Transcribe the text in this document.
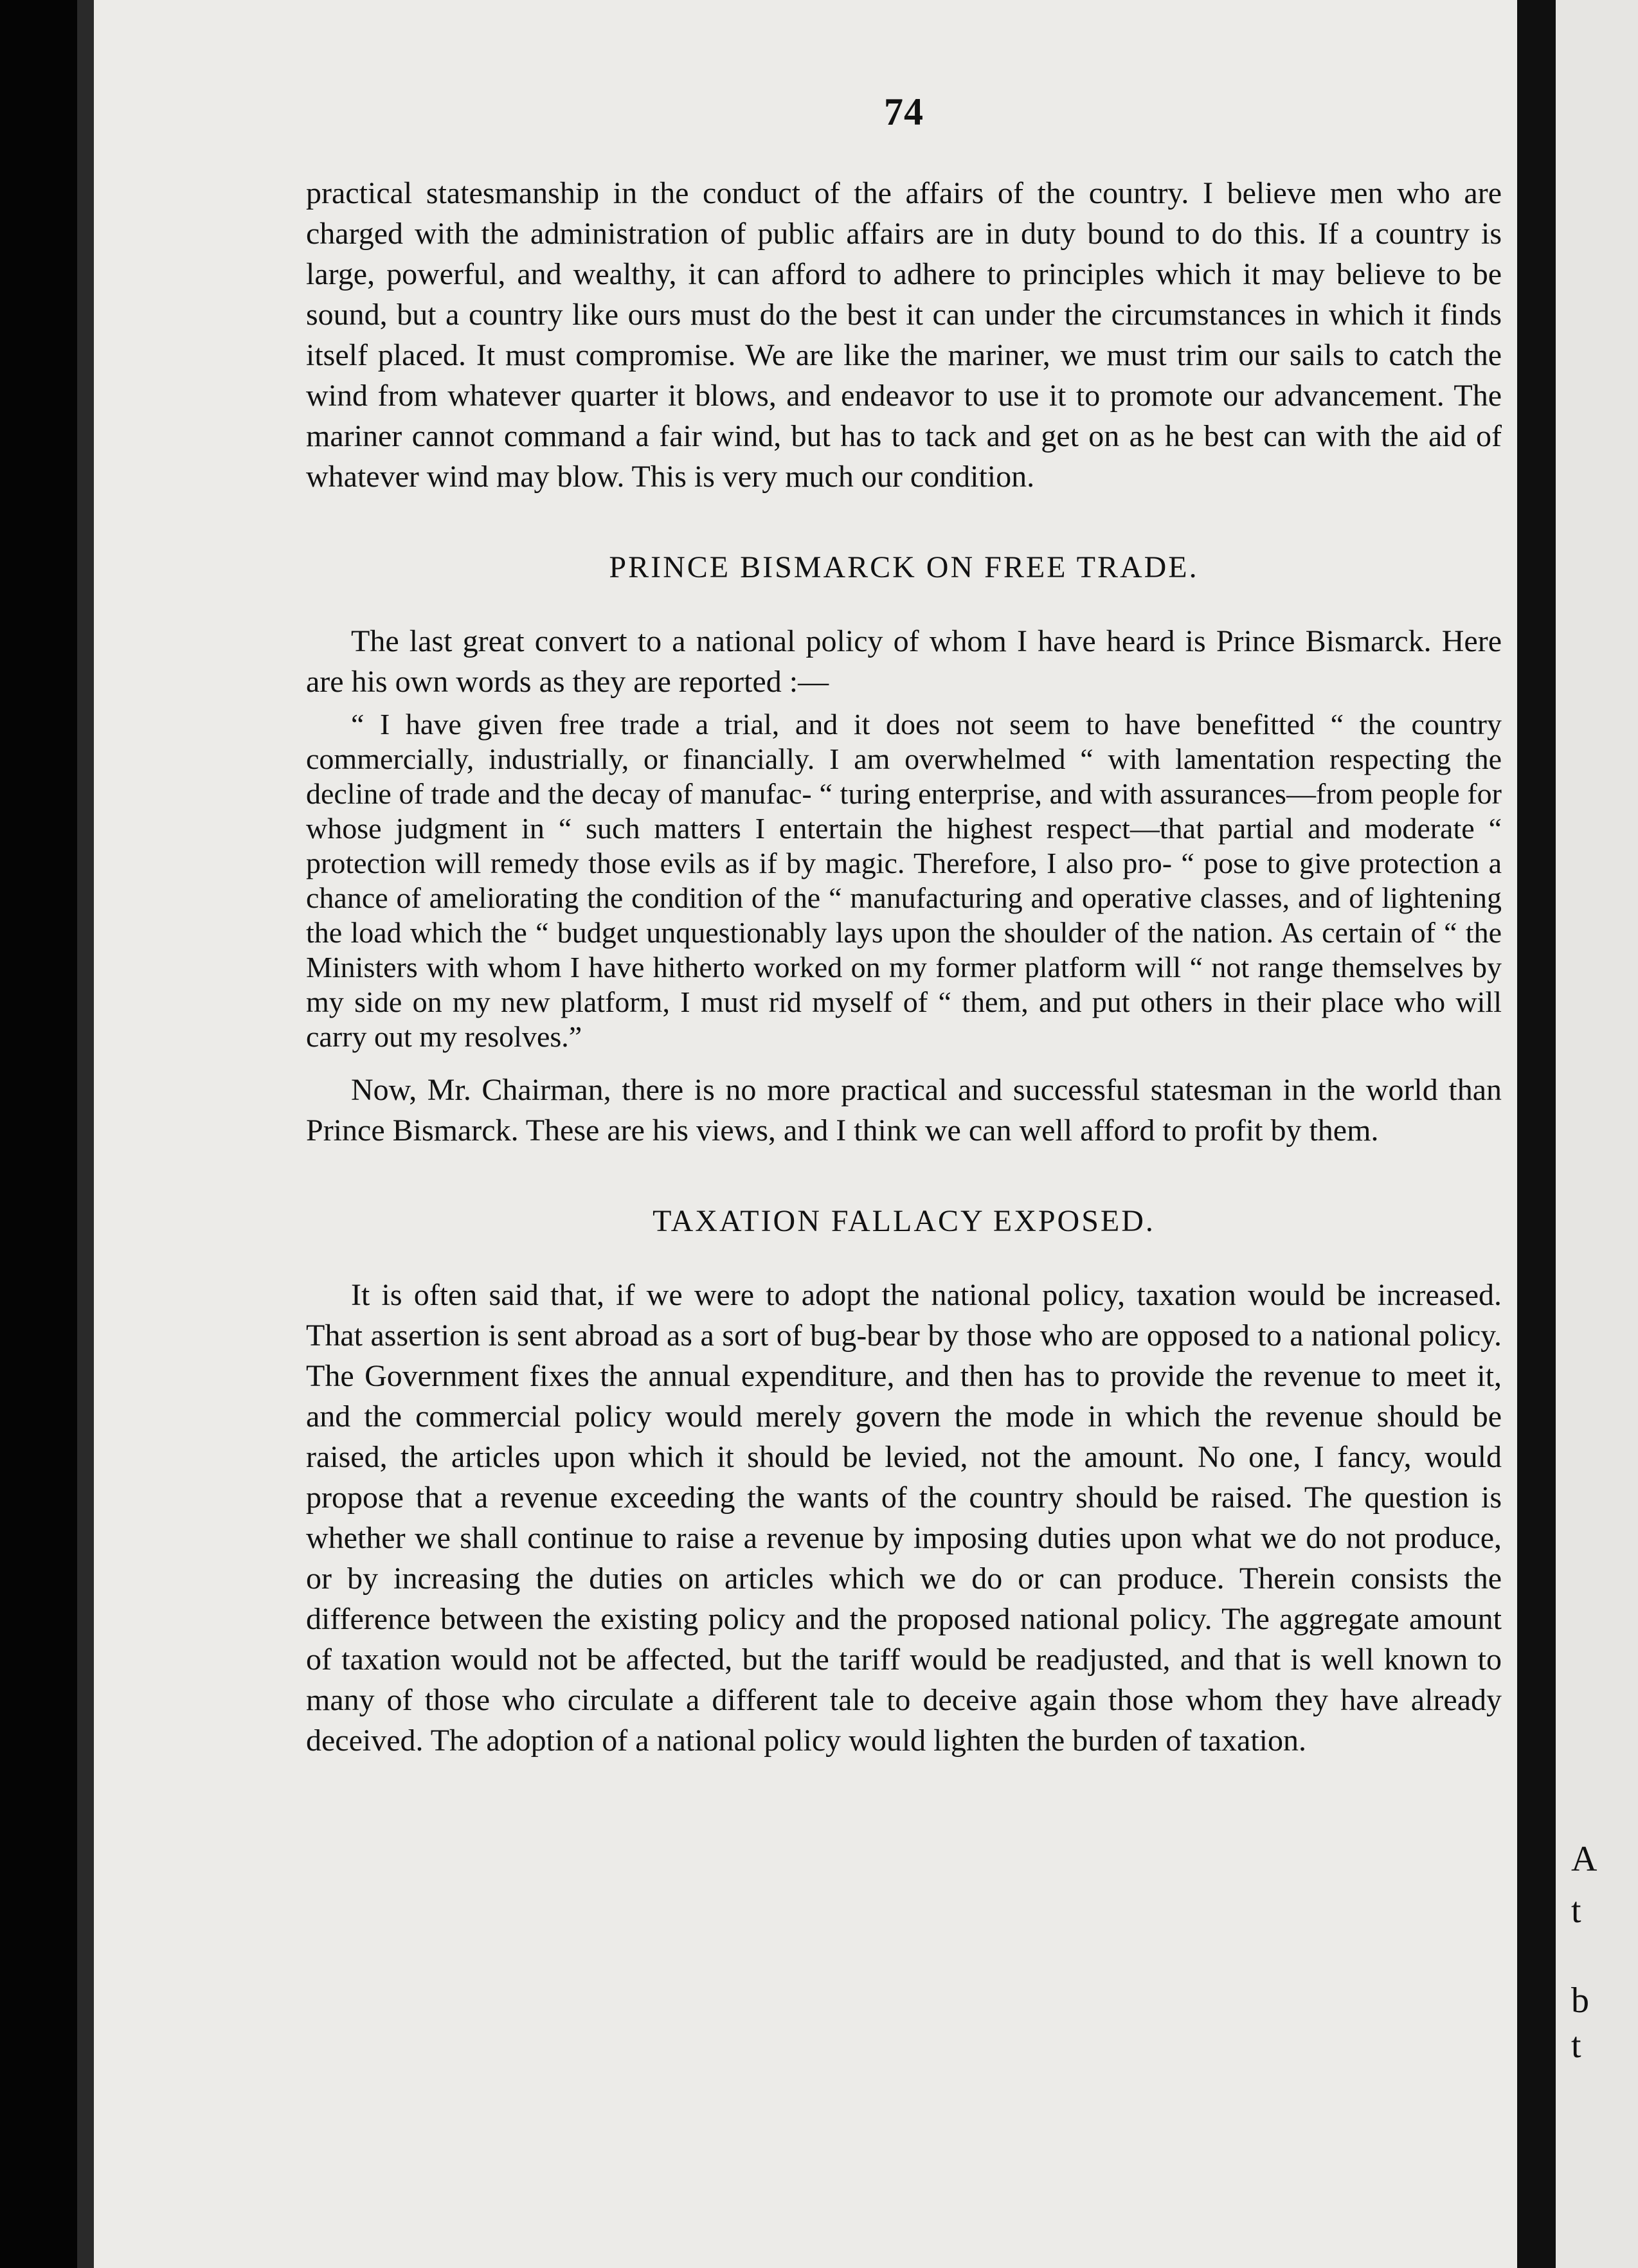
74

practical statesmanship in the conduct of the affairs of the country. I believe men who are charged with the administration of public affairs are in duty bound to do this. If a country is large, powerful, and wealthy, it can afford to adhere to principles which it may believe to be sound, but a country like ours must do the best it can under the circumstances in which it finds itself placed. It must compromise. We are like the mariner, we must trim our sails to catch the wind from whatever quarter it blows, and endeavor to use it to promote our advancement. The mariner cannot command a fair wind, but has to tack and get on as he best can with the aid of whatever wind may blow. This is very much our condition.

PRINCE BISMARCK ON FREE TRADE.

The last great convert to a national policy of whom I have heard is Prince Bismarck. Here are his own words as they are reported :—

“ I have given free trade a trial, and it does not seem to have benefitted “ the country commercially, industrially, or financially. I am overwhelmed “ with lamentation respecting the decline of trade and the decay of manufac- “ turing enterprise, and with assurances—from people for whose judgment in “ such matters I entertain the highest respect—that partial and moderate “ protection will remedy those evils as if by magic. Therefore, I also pro- “ pose to give protection a chance of ameliorating the condition of the “ manufacturing and operative classes, and of lightening the load which the “ budget unquestionably lays upon the shoulder of the nation. As certain of “ the Ministers with whom I have hitherto worked on my former platform will “ not range themselves by my side on my new platform, I must rid myself of “ them, and put others in their place who will carry out my resolves.”

Now, Mr. Chairman, there is no more practical and successful statesman in the world than Prince Bismarck. These are his views, and I think we can well afford to profit by them.

TAXATION FALLACY EXPOSED.

It is often said that, if we were to adopt the national policy, taxation would be increased. That assertion is sent abroad as a sort of bug-bear by those who are opposed to a national policy. The Government fixes the annual expenditure, and then has to provide the revenue to meet it, and the commercial policy would merely govern the mode in which the revenue should be raised, the articles upon which it should be levied, not the amount. No one, I fancy, would propose that a revenue exceeding the wants of the country should be raised. The question is whether we shall continue to raise a revenue by imposing duties upon what we do not produce, or by increasing the duties on articles which we do or can produce. Therein consists the difference between the existing policy and the proposed national policy. The aggregate amount of taxation would not be affected, but the tariff would be readjusted, and that is well known to many of those who circulate a different tale to deceive again those whom they have already deceived. The adoption of a national policy would lighten the burden of taxation.

A
t
b
t
